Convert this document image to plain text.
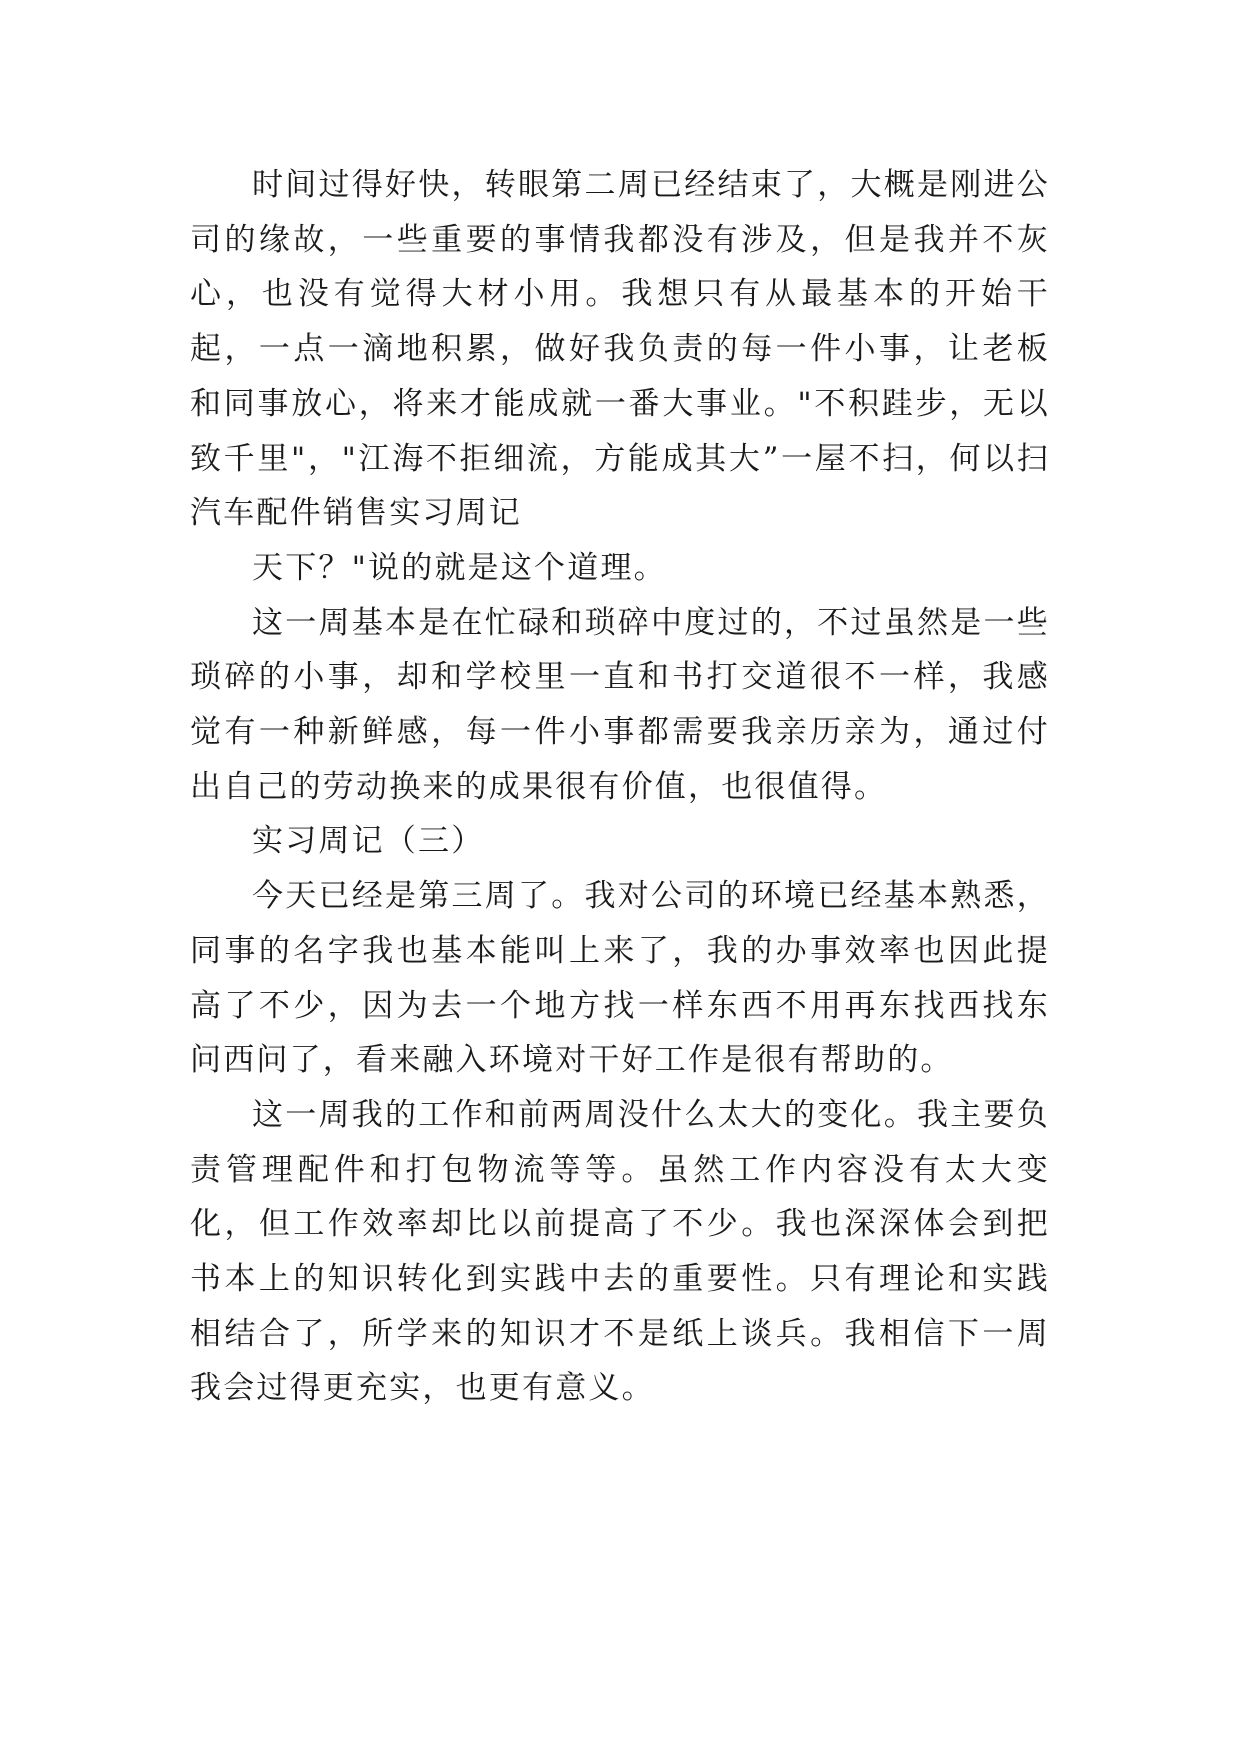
时间过得好快，转眼第二周已经结束了，大概是刚进公司的缘故，一些重要的事情我都没有涉及，但是我并不灰心，也没有觉得大材小用。我想只有从最基本的开始干起，一点一滴地积累，做好我负责的每一件小事，让老板和同事放心，将来才能成就一番大事业。"不积跬步，无以致千里"，"江海不拒细流，方能成其大”一屋不扫，何以扫汽车配件销售实习周记

天下？"说的就是这个道理。

这一周基本是在忙碌和琐碎中度过的，不过虽然是一些琐碎的小事，却和学校里一直和书打交道很不一样，我感觉有一种新鲜感，每一件小事都需要我亲历亲为，通过付出自己的劳动换来的成果很有价值，也很值得。

实习周记（三）

今天已经是第三周了。我对公司的环境已经基本熟悉，同事的名字我也基本能叫上来了，我的办事效率也因此提高了不少，因为去一个地方找一样东西不用再东找西找东问西问了，看来融入环境对干好工作是很有帮助的。

这一周我的工作和前两周没什么太大的变化。我主要负责管理配件和打包物流等等。虽然工作内容没有太大变化，但工作效率却比以前提高了不少。我也深深体会到把书本上的知识转化到实践中去的重要性。只有理论和实践相结合了，所学来的知识才不是纸上谈兵。我相信下一周我会过得更充实，也更有意义。
